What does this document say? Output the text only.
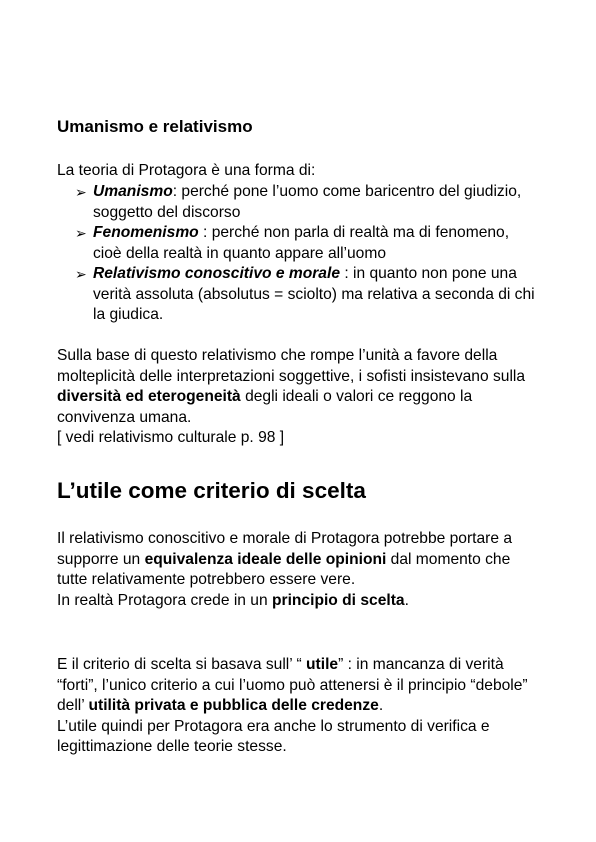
Umanismo e relativismo
La teoria di Protagora è una forma di:
➢ Umanismo: perché pone l’uomo come baricentro del giudizio, soggetto del discorso
➢ Fenomenismo : perché non parla di realtà ma di fenomeno, cioè della realtà in quanto appare all’uomo
➢ Relativismo conoscitivo e morale : in quanto non pone una verità assoluta (absolutus = sciolto) ma relativa a seconda di chi la giudica.
Sulla base di questo relativismo che rompe l’unità a favore della molteplicità delle interpretazioni soggettive, i sofisti insistevano sulla diversità ed eterogeneità degli ideali o valori ce reggono la convivenza umana.
[ vedi relativismo culturale p. 98 ]
L’utile come criterio di scelta
Il relativismo conoscitivo e morale di Protagora potrebbe portare a supporre un equivalenza ideale delle opinioni dal momento che tutte relativamente potrebbero essere vere.
In realtà Protagora crede in un principio di scelta.
E il criterio di scelta si basava sull’ “ utile” : in mancanza di verità “forti”, l’unico criterio a cui l’uomo può attenersi è il principio “debole” dell’ utilità privata e pubblica delle credenze.
L’utile quindi per Protagora era anche lo strumento di verifica e legittimazione delle teorie stesse.
